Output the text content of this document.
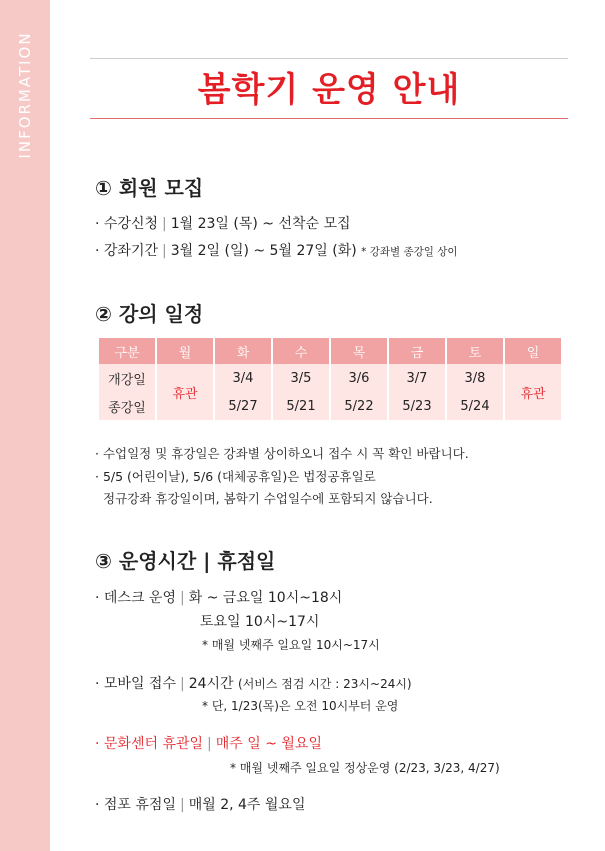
INFORMATION	봄학기 운영 안내
① 회원 모집
· 수강신청 | 1월 23일 (목) ~ 선착순 모집
· 강좌기간 | 3월 2일 (일) ~ 5월 27일 (화) * 강좌별 종강일 상이
② 강의 일정
구분	월	화	수	목	금	토	일
개강일	휴관	3/4	3/5	3/6	3/7	3/8	휴관
종강일		5/27	5/21	5/22	5/23	5/24	
· 수업일정 및 휴강일은 강좌별 상이하오니 접수 시 꼭 확인 바랍니다.
· 5/5 (어린이날), 5/6 (대체공휴일)은 법정공휴일로
정규강좌 휴강일이며, 봄학기 수업일수에 포함되지 않습니다.
③ 운영시간 | 휴점일
· 데스크 운영 | 화 ~ 금요일 10시~18시
토요일 10시~17시
* 매월 넷째주 일요일 10시~17시
· 모바일 접수 | 24시간 (서비스 점검 시간 : 23시~24시)
* 단, 1/23(목)은 오전 10시부터 운영
· 문화센터 휴관일 | 매주 일 ~ 월요일
* 매월 넷째주 일요일 정상운영 (2/23, 3/23, 4/27)
· 점포 휴점일 | 매월 2, 4주 월요일
